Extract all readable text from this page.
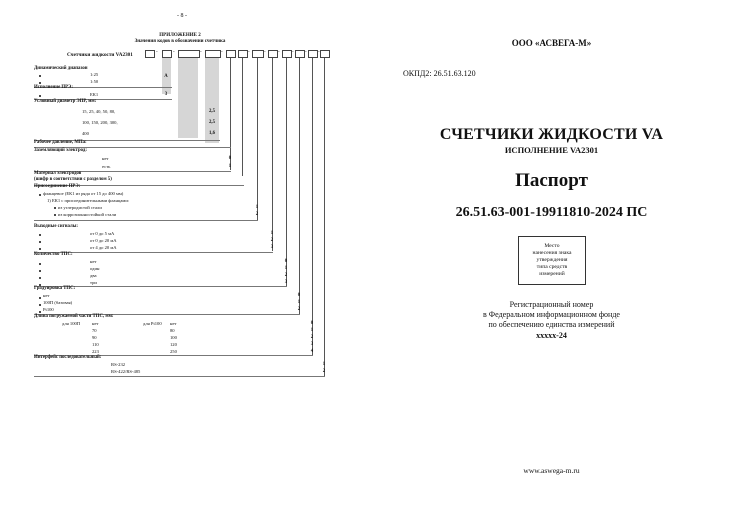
- 8 -
ПРИЛОЖЕНИЕ 2
Значения кодов в обозначении счетчика
Счетчики жидкости VA2301	-	-	-	-	-	- - - - -
Динамический диапазон
1:25	A
1:50
Исполнение ПРЭ:
ЕК1	3
Условный диаметр ЭПР, мм:
15, 25, 40, 50, 80,	2,5
100, 150, 200, 300,	2,5
400	1,6
Рабочее давление, МПа:
Заземляющий электрод:
нет	0
есть	1
Материал электродов
(шифр в соответствии с разделом 5)
Присоединение ПРЭ:
фланцевое (ЕК1 из ряда от 15 до 400 мм)
1) ЕК1 с присоединительными фланцами:
из углеродистой стали	1
из коррозионностойкой стали	2
Выходные сигналы:
от 0 до 5 мА	1
от 0 до 20 мА	2
от 4 до 20 мА	3
Количество ТПС:
нет	0
один	1
два	2
три	3
Градуировка ТПС:
нет	0
100П (базовая)	1
Pt100	2
Длина погружаемой части ТПС, мм:
для 100П	нет	для Pt100 нет	0
70	80	1
90	100	2
110	120	3
223	250	4
Интерфейс последовательный:
RS-232	1
RS-422/RS-485	2
ООО «АСВЕГА-М»
ОКПД2: 26.51.63.120
СЧЕТЧИКИ ЖИДКОСТИ VA
ИСПОЛНЕНИЕ VA2301
Паспорт
26.51.63-001-19911810-2024 ПС
Место
нанесения знака
утверждения
типа средств
измерений
Регистрационный номер
в Федеральном информационном фонде
по обеспечению единства измерений
ххххх-24
www.aswega-m.ru
